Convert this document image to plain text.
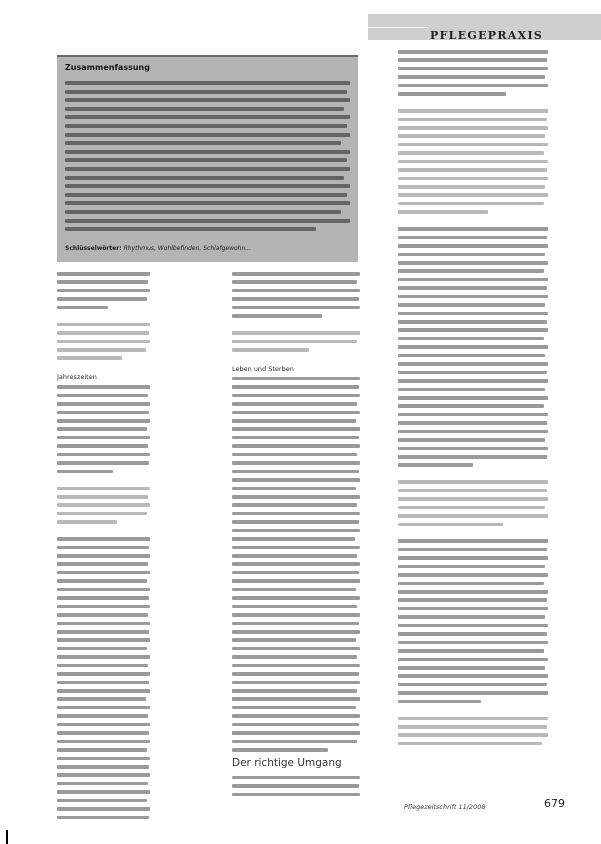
PFLEGEPRAXIS
Zusammenfassung
Schlüsselwörter: Rhythmus, Wohlbefinden, Schlafgewohn...
Jahreszeiten
Leben und Sterben
Der richtige Umgang
Pflegezeitschrift 11/2008	679
